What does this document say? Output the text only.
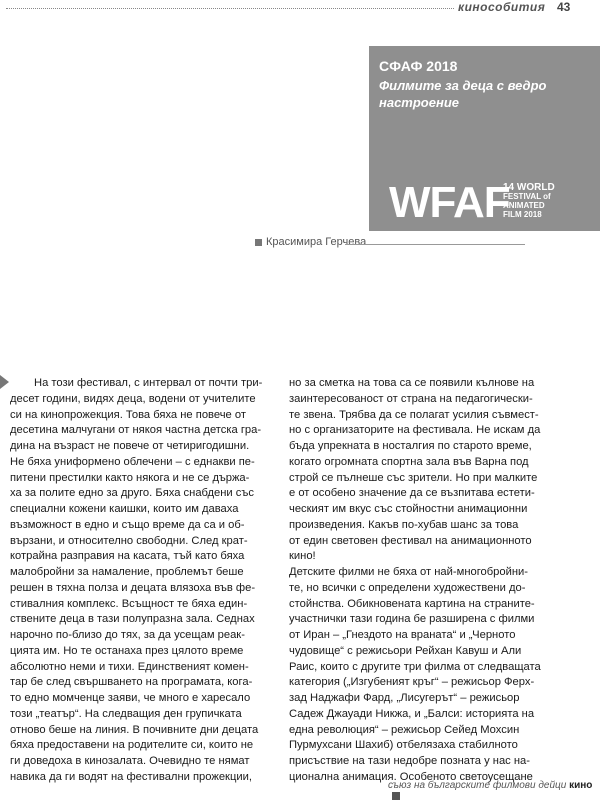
кинособития 43
СФАФ 2018
Филмите за деца с ведро настроение
WFAF
14 WORLD
FESTIVAL of
ANIMATED
FILM 2018
Красимира Герчева
На този фестивал, с интервал от почти три-
десет години, видях деца, водени от учителите
си на кинопрожекция. Това бяха не повече от
десетина малчугани от някоя частна детска гра-
дина на възраст не повече от четиригодишни.
Не бяха униформено облечени – с еднакви пе-
питени престилки както някога и не се държа-
ха за полите едно за друго. Бяха снабдени със
специални кожени каишки, които им даваха
възможност в едно и също време да са и об-
вързани, и относително свободни. След крат-
котрайна разправия на касата, тъй като бяха
малобройни за намаление, проблемът беше
решен в тяхна полза и децата влязоха във фе-
стивалния комплекс. Всъщност те бяха един-
ствените деца в тази полупразна зала. Седнах
нарочно по-близо до тях, за да усещам реак-
цията им. Но те останаха през цялото време
абсолютно неми и тихи. Единственият комен-
тар бе след свършването на програмата, кога-
то едно момченце заяви, че много е харесало
този „театър“. На следващия ден групичката
отново беше на линия. В почивните дни децата
бяха предоставени на родителите си, които не
ги доведоха в кинозалата. Очевидно те нямат
навика да ги водят на фестивални прожекции,
но за сметка на това са се появили кълнове на
заинтересованост от страна на педагогически-
те звена. Трябва да се полагат усилия съвмест-
но с организаторите на фестивала. Не искам да
бъда упрекната в носталгия по старото време,
когато огромната спортна зала във Варна под
строй се пълнеше със зрители. Но при малките
е от особено значение да се възпитава естети-
ческият им вкус със стойностни анимационни
произведения. Какъв по-хубав шанс за това
от един световен фестивал на анимационното
кино!
Детските филми не бяха от най-многобройни-
те, но всички с определени художествени до-
стойнства. Обикновената картина на страните-
участнички тази година бе разширена с филми
от Иран – „Гнездото на враната“ и „Черното
чудовище“ с режисьори Рейхан Кавуш и Али
Раис, които с другите три филма от следващата
категория („Изгубеният кръг“ – режисьор Ферх-
зад Наджафи Фард, „Лисугерът“ – режисьор
Садеж Джауади Никжа, и „Балси: историята на
една революция“ – режисьор Сейед Мохсин
Пурмухсани Шахиб) отбелязаха стабилното
присъствие на тази недобре позната у нас на-
ционална анимация. Особеното светоусещане
съюз на българските филмови дейци кино
